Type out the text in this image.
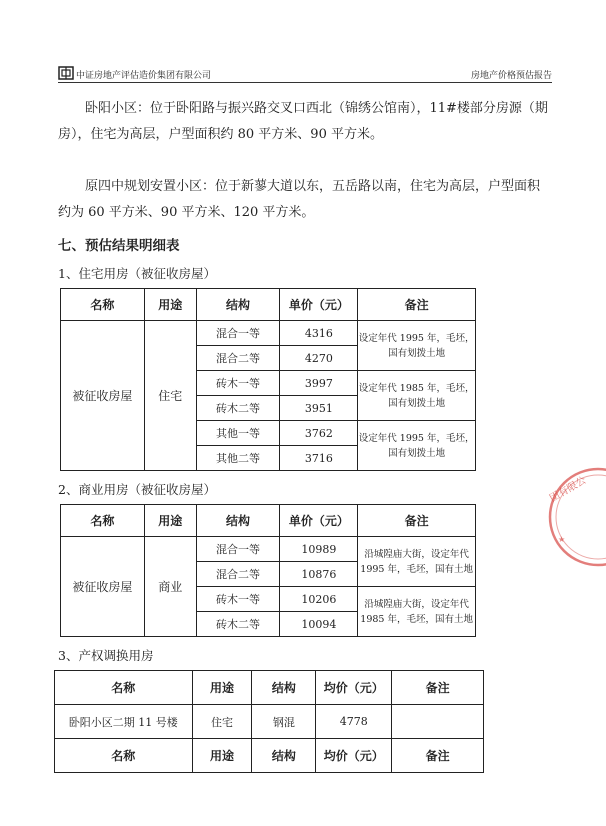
中证房地产评估造价集团有限公司	房地产价格预估报告

卧阳小区：位于卧阳路与振兴路交叉口西北（锦绣公馆南），11#楼部分房源（期房），住宅为高层，户型面积约 80 平方米、90 平方米。

原四中规划安置小区：位于新蓼大道以东，五岳路以南，住宅为高层，户型面积约为 60 平方米、90 平方米、120 平方米。

七、预估结果明细表
1、住宅用房（被征收房屋）
名称	用途	结构	单价（元）	备注
被征收房屋	住宅	混合一等	4316	设定年代 1995 年，毛坯，
国有划拨土地
		混合二等	4270	
		砖木一等	3997	设定年代 1985 年，毛坯，
国有划拨土地
		砖木二等	3951	
		其他一等	3762	设定年代 1995 年，毛坯，
国有划拨土地
		其他二等	3716	
2、商业用房（被征收房屋）
名称	用途	结构	单价（元）	备注
被征收房屋	商业	混合一等	10989	沿城隍庙大街，设定年代
1995 年，毛坯，国有土地
		混合二等	10876	
		砖木一等	10206	沿城隍庙大街，设定年代
1985 年，毛坯，国有土地
		砖木二等	10094	
3、产权调换用房
名称	用途	结构	均价（元）	备注
卧阳小区二期 11 号楼	住宅	钢混	4778	
名称	用途	结构	均价（元）	备注
团有限公
★
